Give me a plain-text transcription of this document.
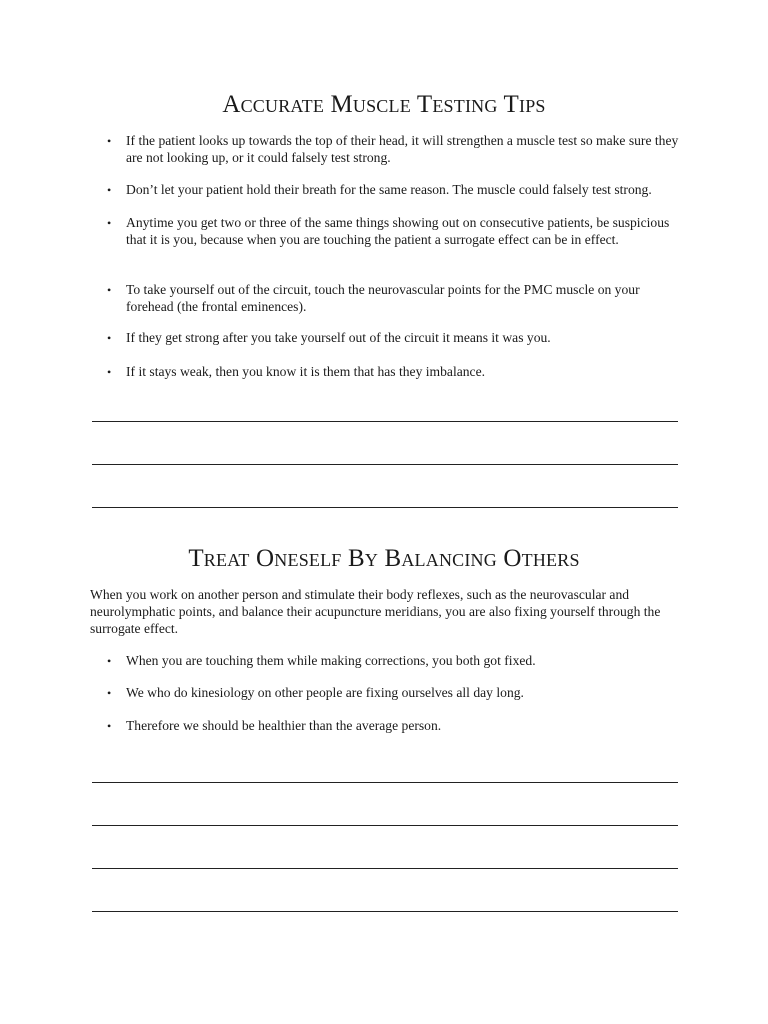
Accurate Muscle Testing Tips
• If the patient looks up towards the top of their head, it will strengthen a muscle test so make sure they are not looking up, or it could falsely test strong.
• Don’t let your patient hold their breath for the same reason. The muscle could falsely test strong.
• Anytime you get two or three of the same things showing out on consecutive patients, be suspicious that it is you, because when you are touching the patient a surrogate effect can be in effect.
• To take yourself out of the circuit, touch the neurovascular points for the PMC muscle on your forehead (the frontal eminences).
• If they get strong after you take yourself out of the circuit it means it was you.
• If it stays weak, then you know it is them that has they imbalance.
Treat Oneself By Balancing Others

When you work on another person and stimulate their body reflexes, such as the neurovascular and neurolymphatic points, and balance their acupuncture meridians, you are also fixing yourself through the surrogate effect.

• When you are touching them while making corrections, you both got fixed.
• We who do kinesiology on other people are fixing ourselves all day long.
• Therefore we should be healthier than the average person.
